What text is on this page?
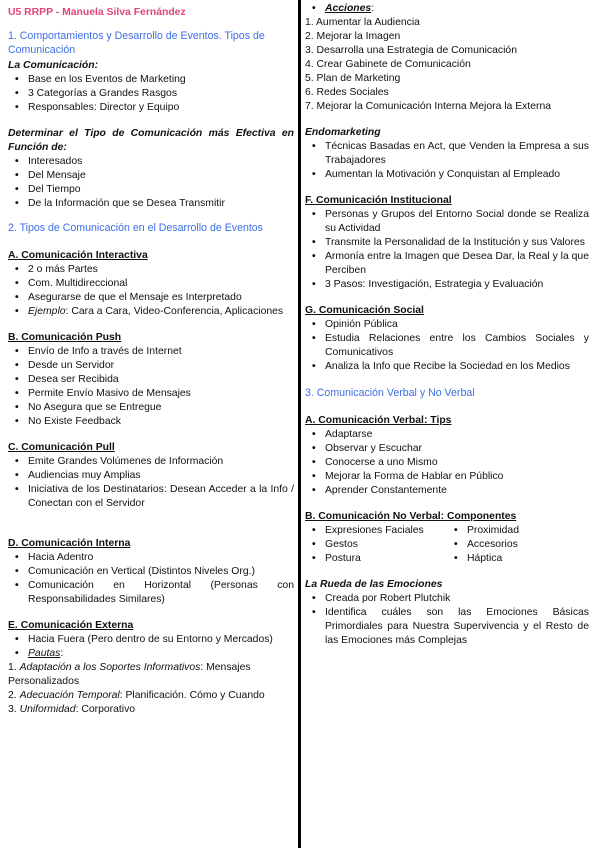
U5 RRPP - Manuela Silva Fernández
1. Comportamientos y Desarrollo de Eventos. Tipos de Comunicación
La Comunicación:
• Base en los Eventos de Marketing
• 3 Categorías a Grandes Rasgos
• Responsables: Director y Equipo
Determinar el Tipo de Comunicación más Efectiva en Función de:
• Interesados
• Del Mensaje
• Del Tiempo
• De la Información que se Desea Transmitir
2. Tipos de Comunicación en el Desarrollo de Eventos
A. Comunicación Interactiva
• 2 o más Partes
• Com. Multidireccional
• Asegurarse de que el Mensaje es Interpretado
• Ejemplo: Cara a Cara, Video-Conferencia, Aplicaciones
B. Comunicación Push
• Envío de Info a través de Internet
• Desde un Servidor
• Desea ser Recibida
• Permite Envío Masivo de Mensajes
• No Asegura que se Entregue
• No Existe Feedback
C. Comunicación Pull
• Emite Grandes Volúmenes de Información
• Audiencias muy Amplias
• Iniciativa de los Destinatarios: Desean Acceder a la Info / Conectan con el Servidor
D. Comunicación Interna
• Hacia Adentro
• Comunicación en Vertical (Distintos Niveles Org.)
• Comunicación en Horizontal (Personas con Responsabilidades Similares)
E. Comunicación Externa
• Hacia Fuera (Pero dentro de su Entorno y Mercados)
• Pautas:
1. Adaptación a los Soportes Informativos: Mensajes Personalizados
2. Adecuación Temporal: Planificación. Cómo y Cuando
3. Uniformidad: Corporativo
• Acciones:
1. Aumentar la Audiencia
2. Mejorar la Imagen
3. Desarrolla una Estrategia de Comunicación
4. Crear Gabinete de Comunicación
5. Plan de Marketing
6. Redes Sociales
7. Mejorar la Comunicación Interna Mejora la Externa
Endomarketing
• Técnicas Basadas en Act, que Venden la Empresa a sus Trabajadores
• Aumentan la Motivación y Conquistan al Empleado
F. Comunicación Institucional
• Personas y Grupos del Entorno Social donde se Realiza su Actividad
• Transmite la Personalidad de la Institución y sus Valores
• Armonía entre la Imagen que Desea Dar, la Real y la que Perciben
• 3 Pasos: Investigación, Estrategia y Evaluación
G. Comunicación Social
• Opinión Pública
• Estudia Relaciones entre los Cambios Sociales y Comunicativos
• Analiza la Info que Recibe la Sociedad en los Medios
3. Comunicación Verbal y No Verbal
A. Comunicación Verbal: Tips
• Adaptarse
• Observar y Escuchar
• Conocerse a uno Mismo
• Mejorar la Forma de Hablar en Público
• Aprender Constantemente
B. Comunicación No Verbal: Componentes
• Expresiones Faciales
• Gestos
• Postura
• Proximidad
• Accesorios
• Háptica
La Rueda de las Emociones
• Creada por Robert Plutchik
• Identifica cuáles son las Emociones Básicas Primordiales para Nuestra Supervivencia y el Resto de las Emociones más Complejas
